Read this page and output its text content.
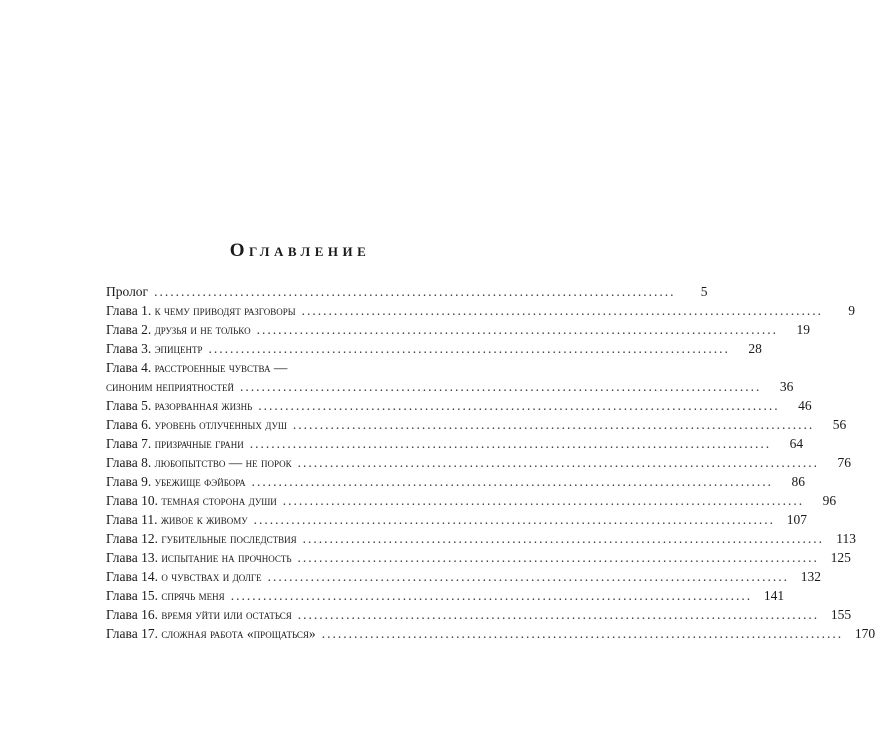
Оглавление
Пролог .................................................................................................	5
Глава 1. к чему приводят разговоры .................................................................................................	9
Глава 2. друзья и не только .................................................................................................	19
Глава 3. эпицентр .................................................................................................	28
Глава 4. расстроенные чувства —
синоним неприятностей .................................................................................................	36
Глава 5. разорванная жизнь .................................................................................................	46
Глава 6. уровень отлученных душ .................................................................................................	56
Глава 7. призрачные грани .................................................................................................	64
Глава 8. любопытство — не порок .................................................................................................	76
Глава 9. убежище фэйбора .................................................................................................	86
Глава 10. темная сторона души .................................................................................................	96
Глава 11. живое к живому ................................................................................................. 107
Глава 12. губительные последствия ................................................................................................. 113
Глава 13. испытание на прочность ................................................................................................. 125
Глава 14. о чувствах и долге ................................................................................................. 132
Глава 15. спрячь меня ................................................................................................. 141
Глава 16. время уйти или остаться ................................................................................................. 155
Глава 17. сложная работа «прощаться» ................................................................................................. 170
